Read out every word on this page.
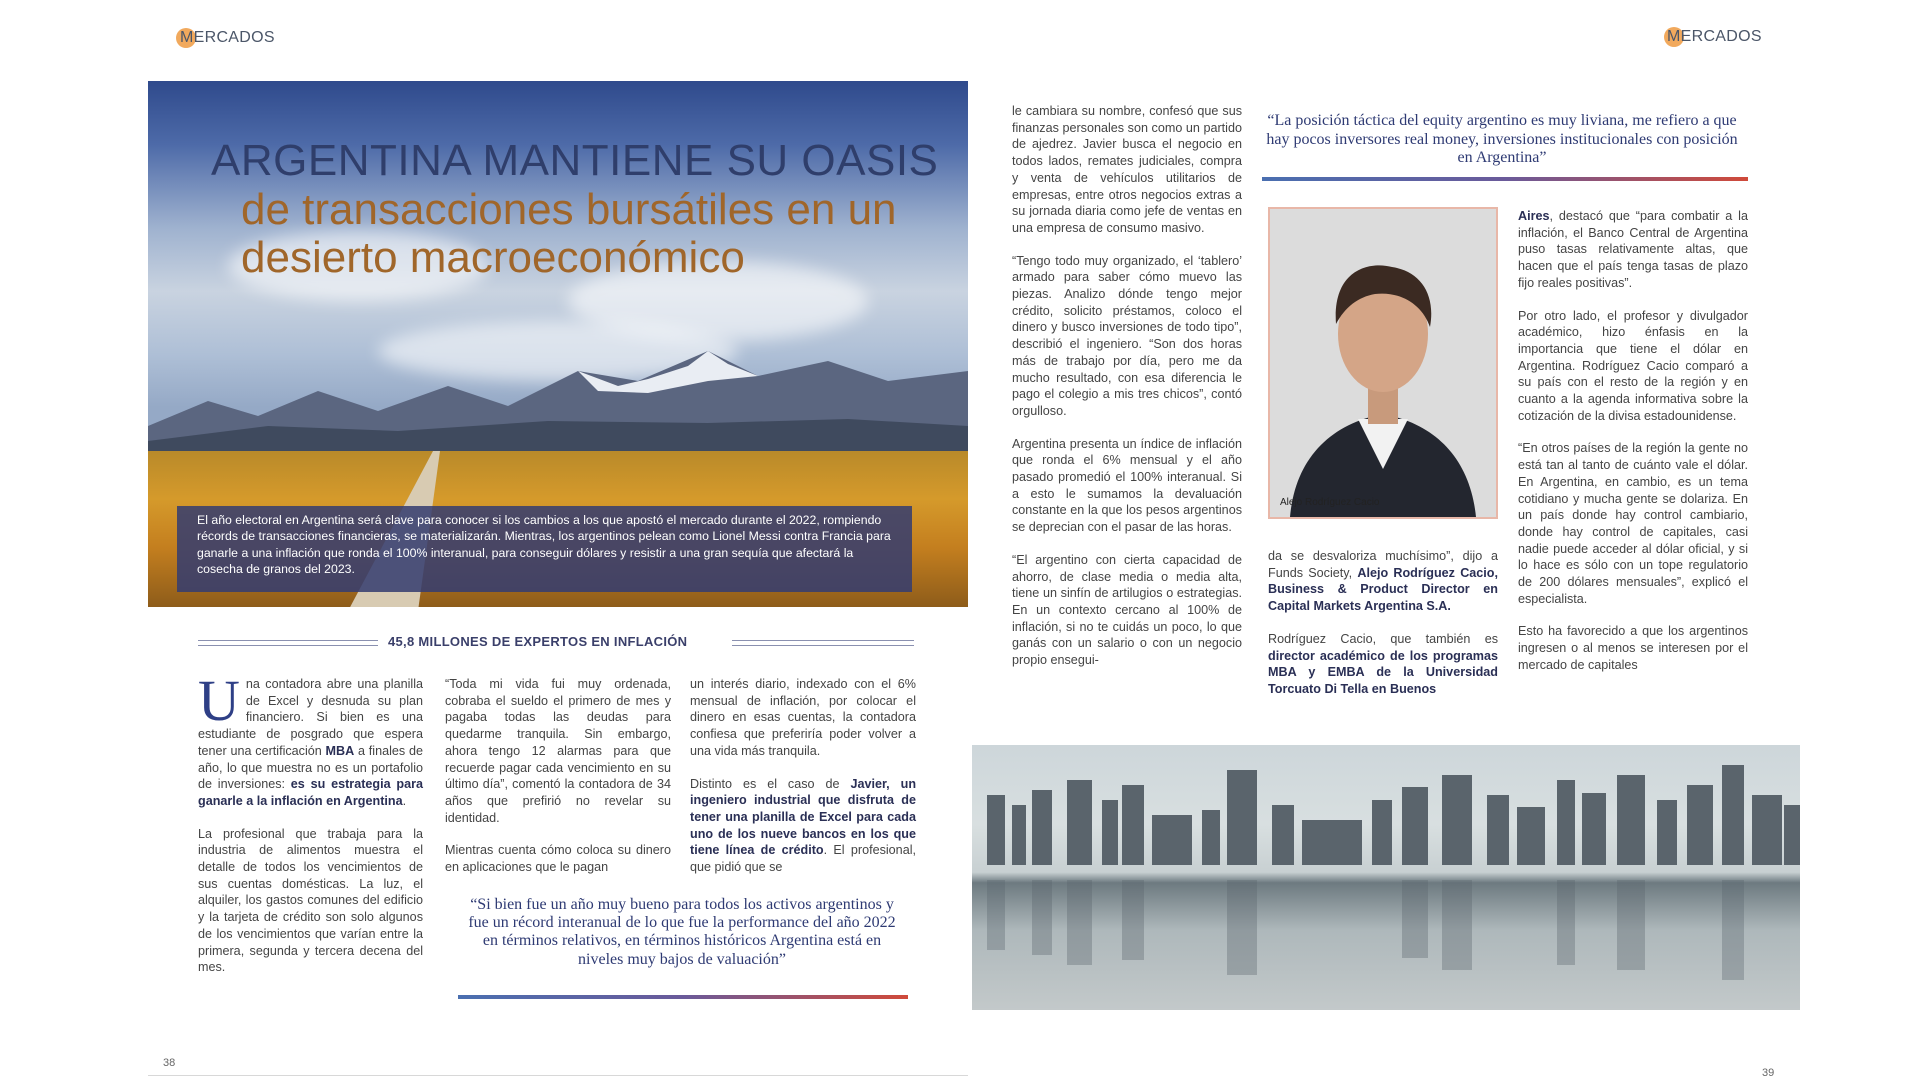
MERCADOS	MERCADOS
ARGENTINA MANTIENE SU OASIS
de transacciones bursátiles en un desierto macroeconómico
El año electoral en Argentina será clave para conocer si los cambios a los que apostó el mercado durante el 2022, rompiendo récords de transacciones financieras, se materializarán. Mientras, los argentinos pelean como Lionel Messi contra Francia para ganarle a una inflación que ronda el 100% interanual, para conseguir dólares y resistir a una gran sequía que afectará la cosecha de granos del 2023.
45,8 MILLONES DE EXPERTOS EN INFLACIÓN

Una contadora abre una planilla de Excel y desnuda su plan financiero. Si bien es una estudiante de posgrado que espera tener una certificación MBA a finales de año, lo que muestra no es un portafolio de inversiones: es su estrategia para ganarle a la inflación en Argentina.

La profesional que trabaja para la industria de alimentos muestra el detalle de todos los vencimientos de sus cuentas domésticas. La luz, el alquiler, los gastos comunes del edificio y la tarjeta de crédito son solo algunos de los vencimientos que varían entre la primera, segunda y tercera decena del mes.

“Toda mi vida fui muy ordenada, cobraba el sueldo el primero de mes y pagaba todas las deudas para quedarme tranquila. Sin embargo, ahora tengo 12 alarmas para que recuerde pagar cada vencimiento en su último día”, comentó la contadora de 34 años que prefirió no revelar su identidad.

Mientras cuenta cómo coloca su dinero en aplicaciones que le pagan

un interés diario, indexado con el 6% mensual de inflación, por colocar el dinero en esas cuentas, la contadora confiesa que preferiría poder volver a una vida más tranquila.

Distinto es el caso de Javier, un ingeniero industrial que disfruta de tener una planilla de Excel para cada uno de los nueve bancos en los que tiene línea de crédito. El profesional, que pidió que se

“Si bien fue un año muy bueno para todos los activos argentinos y fue un récord interanual de lo que fue la performance del año 2022 en términos relativos, en términos históricos Argentina está en niveles muy bajos de valuación”

le cambiara su nombre, confesó que sus finanzas personales son como un partido de ajedrez. Javier busca el negocio en todos lados, remates judiciales, compra y venta de vehículos utilitarios de empresas, entre otros negocios extras a su jornada diaria como jefe de ventas en una empresa de consumo masivo.

“Tengo todo muy organizado, el ‘tablero’ armado para saber cómo muevo las piezas. Analizo dónde tengo mejor crédito, solicito préstamos, coloco el dinero y busco inversiones de todo tipo”, describió el ingeniero. “Son dos horas más de trabajo por día, pero me da mucho resultado, con esa diferencia le pago el colegio a mis tres chicos”, contó orgulloso.

Argentina presenta un índice de inflación que ronda el 6% mensual y el año pasado promedió el 100% interanual. Si a esto le sumamos la devaluación constante en la que los pesos argentinos se deprecian con el pasar de las horas.

“El argentino con cierta capacidad de ahorro, de clase media o media alta, tiene un sinfín de artilugios o estrategias. En un contexto cercano al 100% de inflación, si no te cuidás un poco, lo que ganás con un salario o con un negocio propio ensegui-

“La posición táctica del equity argentino es muy liviana, me refiero a que hay pocos inversores real money, inversiones institucionales con posición en Argentina”
Alejo Rodríguez Cacio

da se desvaloriza muchísimo”, dijo a Funds Society, Alejo Rodríguez Cacio, Business & Product Director en Capital Markets Argentina S.A.

Rodríguez Cacio, que también es director académico de los programas MBA y EMBA de la Universidad Torcuato Di Tella en Buenos

Aires, destacó que “para combatir a la inflación, el Banco Central de Argentina puso tasas relativamente altas, que hacen que el país tenga tasas de plazo fijo reales positivas”.

Por otro lado, el profesor y divulgador académico, hizo énfasis en la importancia que tiene el dólar en Argentina. Rodríguez Cacio comparó a su país con el resto de la región y en cuanto a la agenda informativa sobre la cotización de la divisa estadounidense.

“En otros países de la región la gente no está tan al tanto de cuánto vale el dólar. En Argentina, en cambio, es un tema cotidiano y mucha gente se dolariza. En un país donde hay control cambiario, donde hay control de capitales, casi nadie puede acceder al dólar oficial, y si lo hace es sólo con un tope regulatorio de 200 dólares mensuales”, explicó el especialista.

Esto ha favorecido a que los argentinos ingresen o al menos se interesen por el mercado de capitales

38
39
